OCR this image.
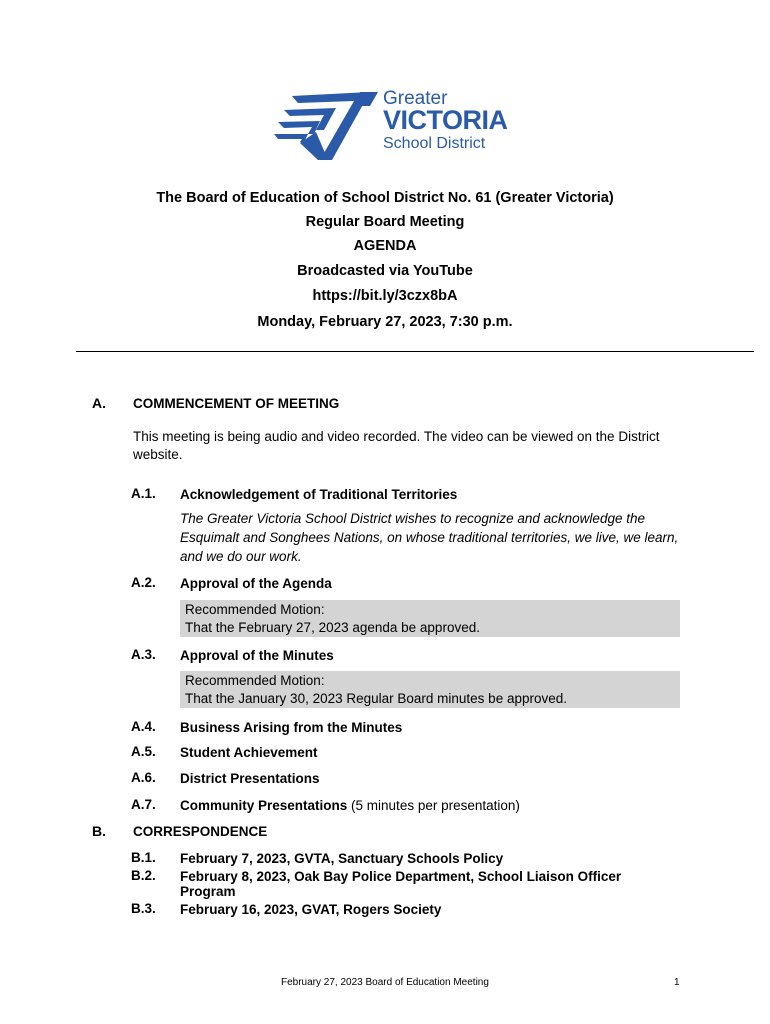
Greater
VICTORIA
School District
The Board of Education of School District No. 61 (Greater Victoria)
Regular Board Meeting
AGENDA
Broadcasted via YouTube
https://bit.ly/3czx8bA
Monday, February 27, 2023, 7:30 p.m.
A. COMMENCEMENT OF MEETING
This meeting is being audio and video recorded. The video can be viewed on the District website.
A.1. Acknowledgement of Traditional Territories
The Greater Victoria School District wishes to recognize and acknowledge the Esquimalt and Songhees Nations, on whose traditional territories, we live, we learn, and we do our work.
A.2. Approval of the Agenda
Recommended Motion:
That the February 27, 2023 agenda be approved.
A.3. Approval of the Minutes
Recommended Motion:
That the January 30, 2023 Regular Board minutes be approved.
A.4. Business Arising from the Minutes
A.5. Student Achievement
A.6. District Presentations
A.7. Community Presentations (5 minutes per presentation)
B. CORRESPONDENCE
B.1. February 7, 2023, GVTA, Sanctuary Schools Policy
B.2. February 8, 2023, Oak Bay Police Department, School Liaison Officer
Program
B.3. February 16, 2023, GVAT, Rogers Society
February 27, 2023 Board of Education Meeting	1
